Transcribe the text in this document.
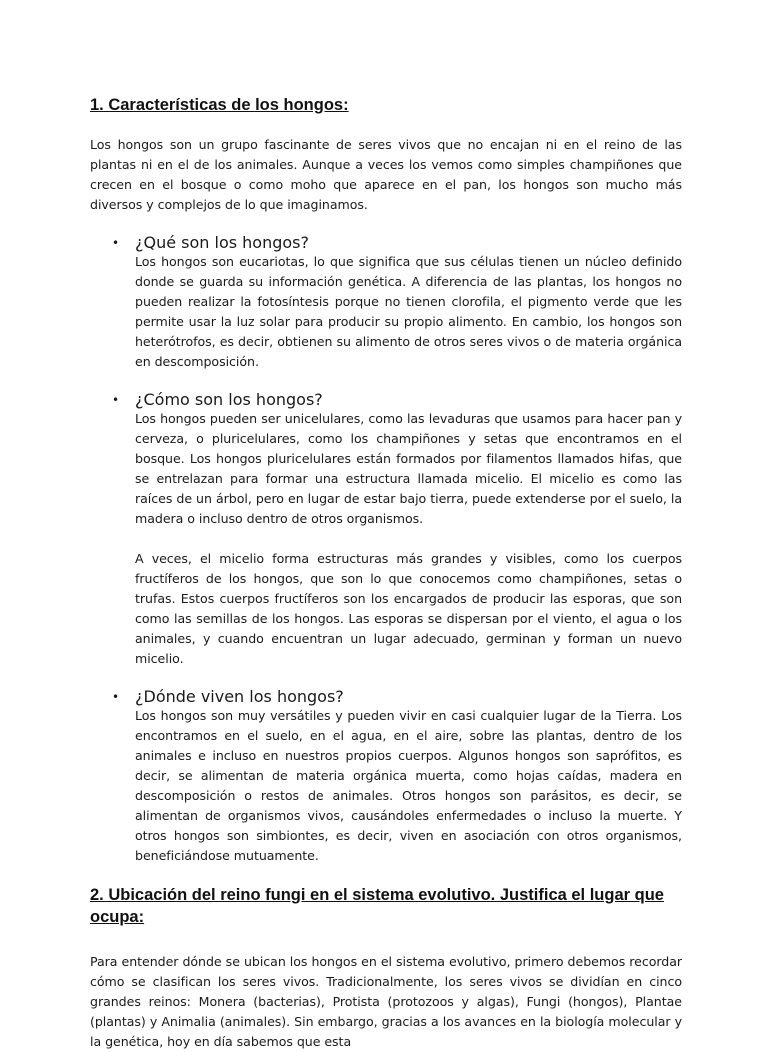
1. Características de los hongos:

Los hongos son un grupo fascinante de seres vivos que no encajan ni en el reino de las plantas ni en el de los animales. Aunque a veces los vemos como simples champiñones que crecen en el bosque o como moho que aparece en el pan, los hongos son mucho más diversos y complejos de lo que imaginamos.

• ¿Qué son los hongos?

Los hongos son eucariotas, lo que significa que sus células tienen un núcleo definido donde se guarda su información genética. A diferencia de las plantas, los hongos no pueden realizar la fotosíntesis porque no tienen clorofila, el pigmento verde que les permite usar la luz solar para producir su propio alimento. En cambio, los hongos son heterótrofos, es decir, obtienen su alimento de otros seres vivos o de materia orgánica en descomposición.

• ¿Cómo son los hongos?

Los hongos pueden ser unicelulares, como las levaduras que usamos para hacer pan y cerveza, o pluricelulares, como los champiñones y setas que encontramos en el bosque. Los hongos pluricelulares están formados por filamentos llamados hifas, que se entrelazan para formar una estructura llamada micelio. El micelio es como las raíces de un árbol, pero en lugar de estar bajo tierra, puede extenderse por el suelo, la madera o incluso dentro de otros organismos.

A veces, el micelio forma estructuras más grandes y visibles, como los cuerpos fructíferos de los hongos, que son lo que conocemos como champiñones, setas o trufas. Estos cuerpos fructíferos son los encargados de producir las esporas, que son como las semillas de los hongos. Las esporas se dispersan por el viento, el agua o los animales, y cuando encuentran un lugar adecuado, germinan y forman un nuevo micelio.

• ¿Dónde viven los hongos?

Los hongos son muy versátiles y pueden vivir en casi cualquier lugar de la Tierra. Los encontramos en el suelo, en el agua, en el aire, sobre las plantas, dentro de los animales e incluso en nuestros propios cuerpos. Algunos hongos son saprófitos, es decir, se alimentan de materia orgánica muerta, como hojas caídas, madera en descomposición o restos de animales. Otros hongos son parásitos, es decir, se alimentan de organismos vivos, causándoles enfermedades o incluso la muerte. Y otros hongos son simbiontes, es decir, viven en asociación con otros organismos, beneficiándose mutuamente.

2. Ubicación del reino fungi en el sistema evolutivo. Justifica el lugar que ocupa:

Para entender dónde se ubican los hongos en el sistema evolutivo, primero debemos recordar cómo se clasifican los seres vivos. Tradicionalmente, los seres vivos se dividían en cinco grandes reinos: Monera (bacterias), Protista (protozoos y algas), Fungi (hongos), Plantae (plantas) y Animalia (animales). Sin embargo, gracias a los avances en la biología molecular y la genética, hoy en día sabemos que esta
